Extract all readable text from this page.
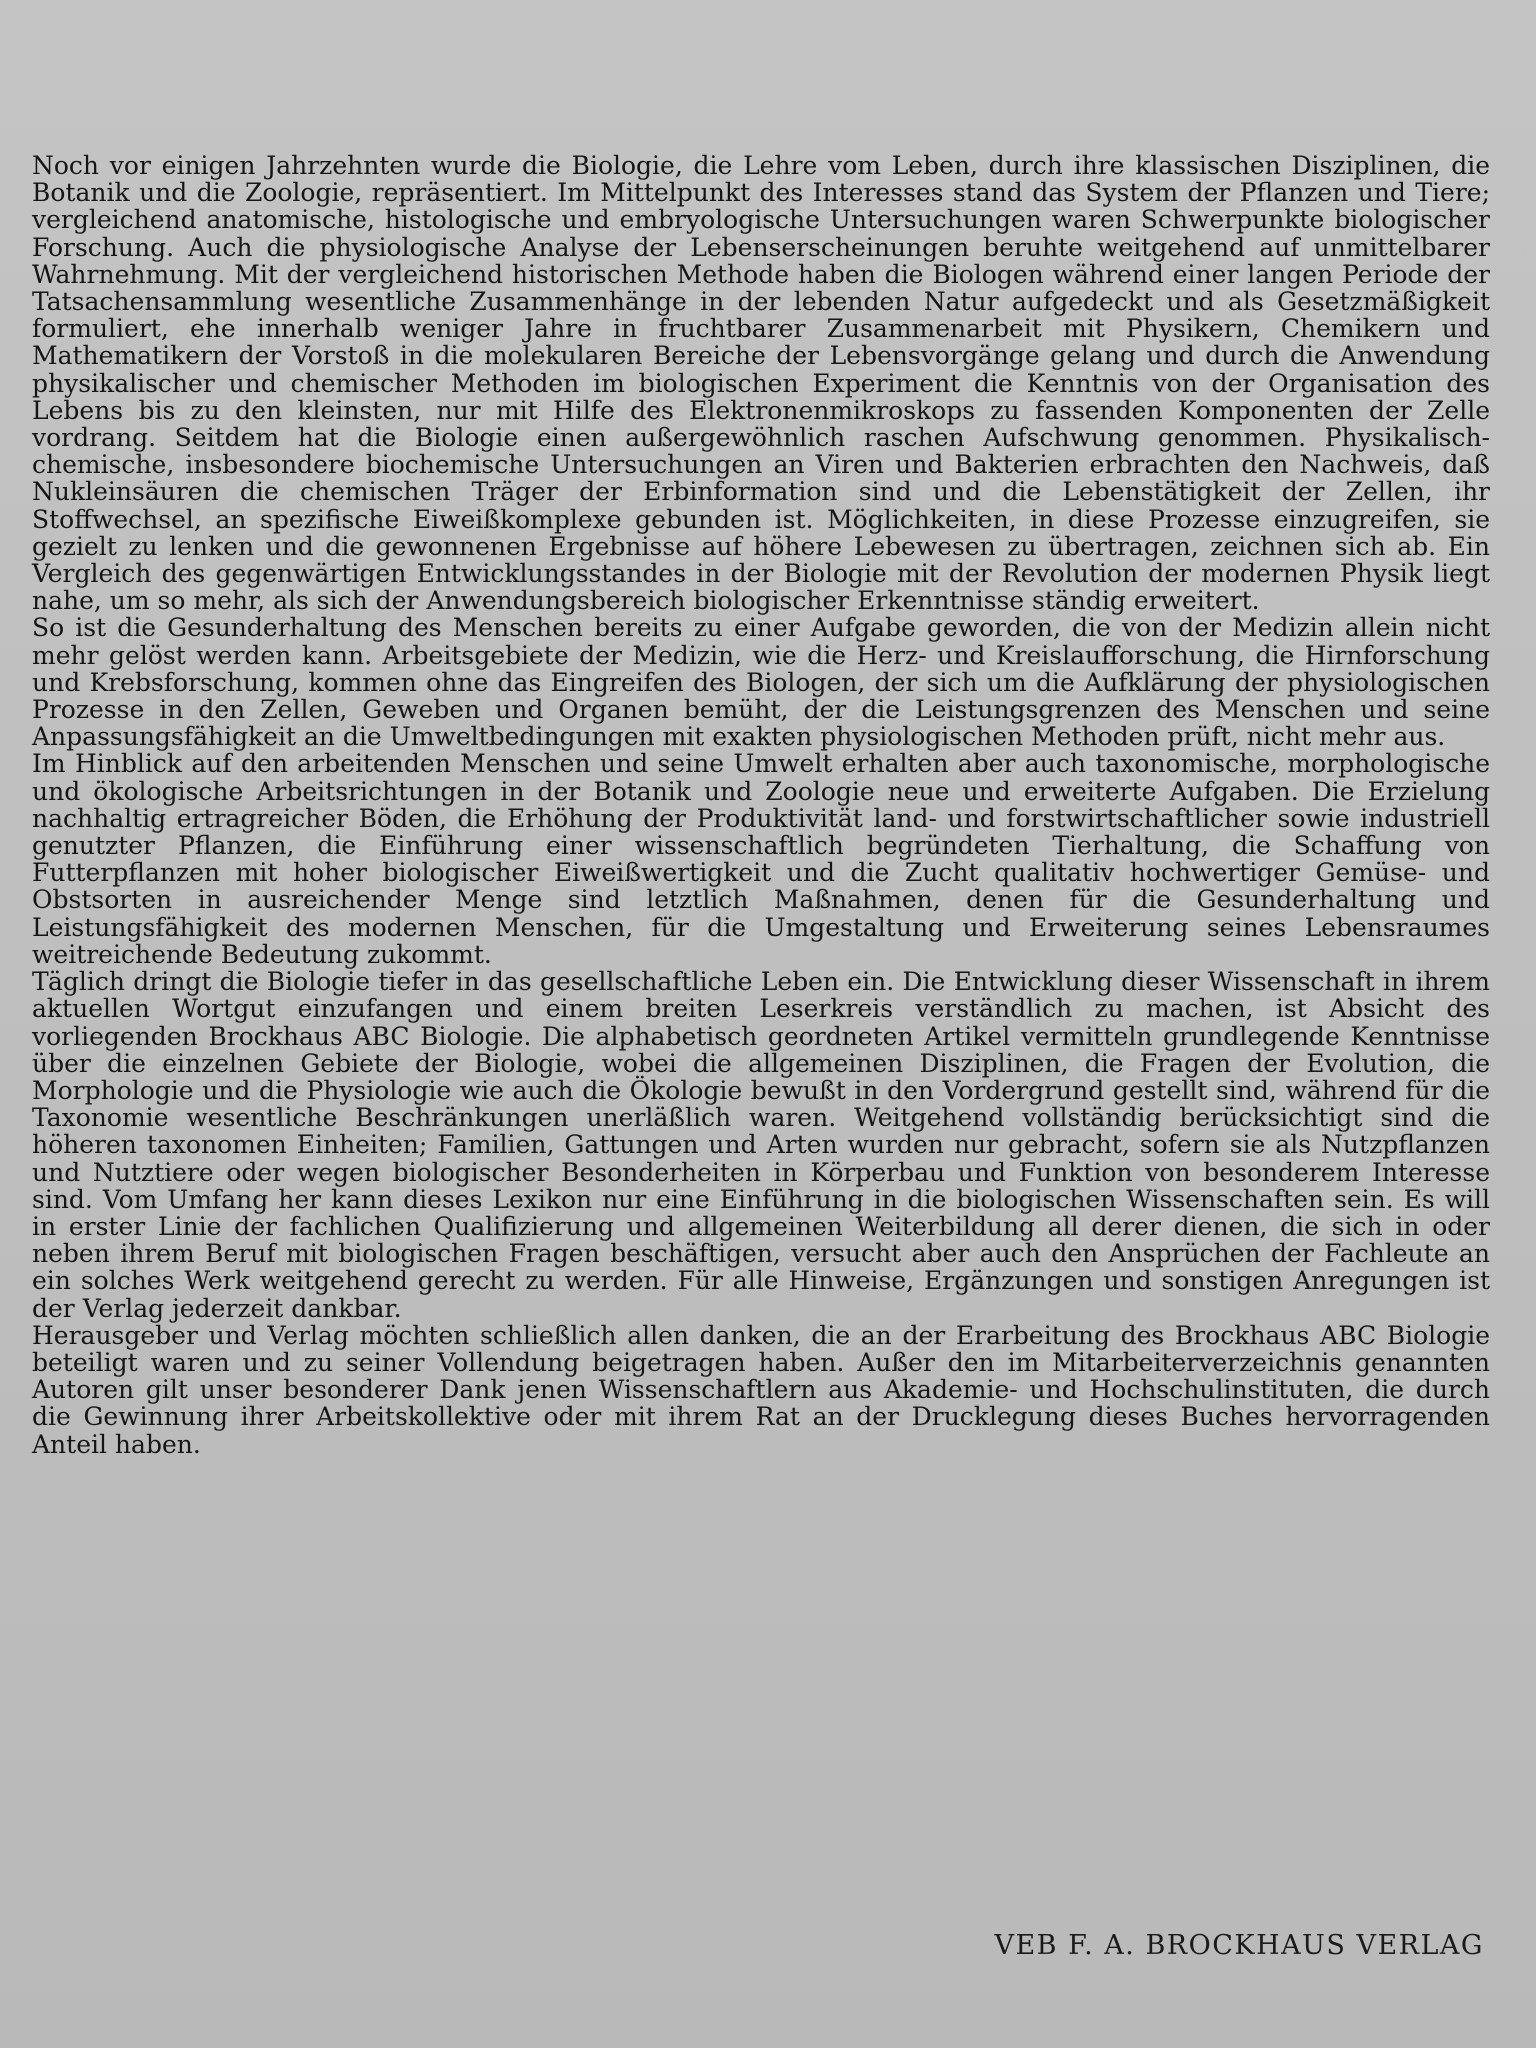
Noch vor einigen Jahrzehnten wurde die Biologie, die Lehre vom Leben, durch ihre klassischen Disziplinen, die Botanik und die Zoologie, repräsentiert. Im Mittelpunkt des Interesses stand das System der Pflanzen und Tiere; vergleichend anatomische, histologische und embryologische Untersuchungen waren Schwerpunkte biologischer Forschung. Auch die physiologische Analyse der Lebenserscheinungen beruhte weitgehend auf unmittelbarer Wahrnehmung. Mit der vergleichend historischen Methode haben die Biologen während einer langen Periode der Tatsachensammlung wesentliche Zusammenhänge in der lebenden Natur aufgedeckt und als Gesetzmäßigkeit formuliert, ehe innerhalb weniger Jahre in fruchtbarer Zusammenarbeit mit Physikern, Chemikern und Mathematikern der Vorstoß in die molekularen Bereiche der Lebensvorgänge gelang und durch die Anwendung physikalischer und chemischer Methoden im biologischen Experiment die Kenntnis von der Organisation des Lebens bis zu den kleinsten, nur mit Hilfe des Elektronenmikroskops zu fassenden Komponenten der Zelle vordrang. Seitdem hat die Biologie einen außergewöhnlich raschen Aufschwung genommen. Physikalisch-chemische, insbesondere biochemische Untersuchungen an Viren und Bakterien erbrachten den Nachweis, daß Nukleinsäuren die chemischen Träger der Erbinformation sind und die Lebenstätigkeit der Zellen, ihr Stoffwechsel, an spezifische Eiweißkomplexe gebunden ist. Möglichkeiten, in diese Prozesse einzugreifen, sie gezielt zu lenken und die gewonnenen Ergebnisse auf höhere Lebewesen zu übertragen, zeichnen sich ab. Ein Vergleich des gegenwärtigen Entwicklungsstandes in der Biologie mit der Revolution der modernen Physik liegt nahe, um so mehr, als sich der Anwendungsbereich biologischer Erkenntnisse ständig erweitert.

So ist die Gesunderhaltung des Menschen bereits zu einer Aufgabe geworden, die von der Medizin allein nicht mehr gelöst werden kann. Arbeitsgebiete der Medizin, wie die Herz- und Kreislaufforschung, die Hirnforschung und Krebsforschung, kommen ohne das Eingreifen des Biologen, der sich um die Aufklärung der physiologischen Prozesse in den Zellen, Geweben und Organen bemüht, der die Leistungsgrenzen des Menschen und seine Anpassungsfähigkeit an die Umweltbedingungen mit exakten physiologischen Methoden prüft, nicht mehr aus.

Im Hinblick auf den arbeitenden Menschen und seine Umwelt erhalten aber auch taxonomische, morphologische und ökologische Arbeitsrichtungen in der Botanik und Zoologie neue und erweiterte Aufgaben. Die Erzielung nachhaltig ertragreicher Böden, die Erhöhung der Produktivität land- und forstwirtschaftlicher sowie industriell genutzter Pflanzen, die Einführung einer wissenschaftlich begründeten Tierhaltung, die Schaffung von Futterpflanzen mit hoher biologischer Eiweißwertigkeit und die Zucht qualitativ hochwertiger Gemüse- und Obstsorten in ausreichender Menge sind letztlich Maßnahmen, denen für die Gesunderhaltung und Leistungsfähigkeit des modernen Menschen, für die Umgestaltung und Erweiterung seines Lebensraumes weitreichende Bedeutung zukommt.

Täglich dringt die Biologie tiefer in das gesellschaftliche Leben ein. Die Entwicklung dieser Wissenschaft in ihrem aktuellen Wortgut einzufangen und einem breiten Leserkreis verständlich zu machen, ist Absicht des vorliegenden Brockhaus ABC Biologie. Die alphabetisch geordneten Artikel vermitteln grundlegende Kenntnisse über die einzelnen Gebiete der Biologie, wobei die allgemeinen Disziplinen, die Fragen der Evolution, die Morphologie und die Physiologie wie auch die Ökologie bewußt in den Vordergrund gestellt sind, während für die Taxonomie wesentliche Beschränkungen unerläßlich waren. Weitgehend vollständig berücksichtigt sind die höheren taxonomen Einheiten; Familien, Gattungen und Arten wurden nur gebracht, sofern sie als Nutzpflanzen und Nutztiere oder wegen biologischer Besonderheiten in Körperbau und Funktion von besonderem Interesse sind. Vom Umfang her kann dieses Lexikon nur eine Einführung in die biologischen Wissenschaften sein. Es will in erster Linie der fachlichen Qualifizierung und allgemeinen Weiterbildung all derer dienen, die sich in oder neben ihrem Beruf mit biologischen Fragen beschäftigen, versucht aber auch den Ansprüchen der Fachleute an ein solches Werk weitgehend gerecht zu werden. Für alle Hinweise, Ergänzungen und sonstigen Anregungen ist der Verlag jederzeit dankbar.

Herausgeber und Verlag möchten schließlich allen danken, die an der Erarbeitung des Brockhaus ABC Biologie beteiligt waren und zu seiner Vollendung beigetragen haben. Außer den im Mitarbeiterverzeichnis genannten Autoren gilt unser besonderer Dank jenen Wissenschaftlern aus Akademie- und Hochschulinstituten, die durch die Gewinnung ihrer Arbeitskollektive oder mit ihrem Rat an der Drucklegung dieses Buches hervorragenden Anteil haben.

VEB F. A. BROCKHAUS VERLAG
